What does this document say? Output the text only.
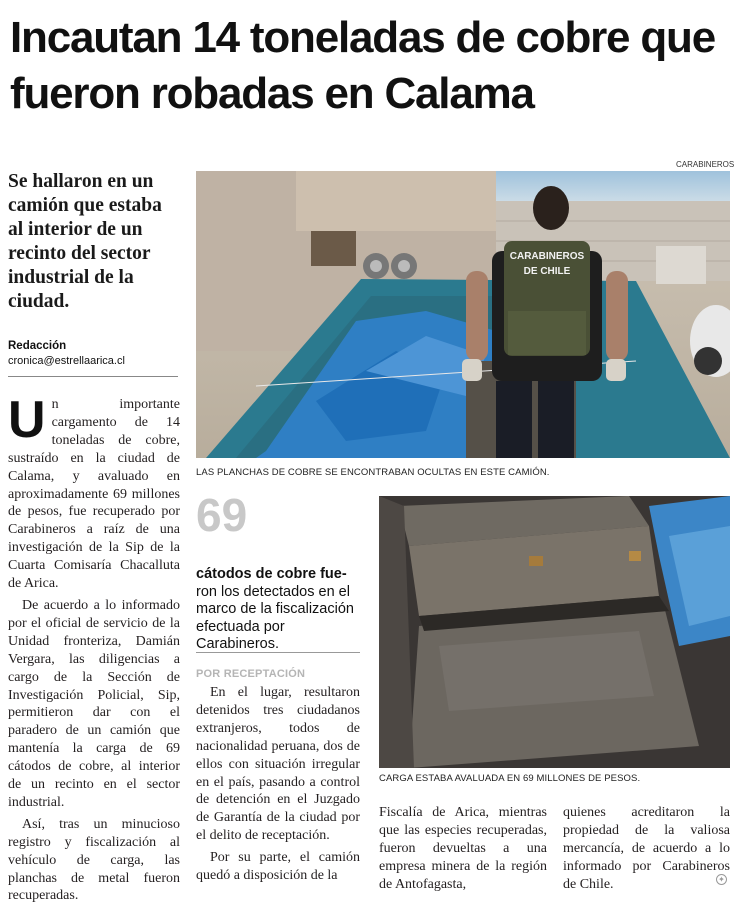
Incautan 14 toneladas de cobre que fueron robadas en Calama

Se hallaron en un camión que estaba al interior de un recinto del sector industrial de la ciudad.

Redacción
cronica@estrellaarica.cl

Un importante cargamento de 14 toneladas de cobre, sustraído en la ciudad de Calama, y avaluado en aproximadamente 69 millones de pesos, fue recuperado por Carabineros a raíz de una investigación de la Sip de la Cuarta Comisaría Chacalluta de Arica.

De acuerdo a lo informado por el oficial de servicio de la Unidad fronteriza, Damián Vergara, las diligencias a cargo de la Sección de Investigación Policial, Sip, permitieron dar con el paradero de un camión que mantenía la carga de 69 cátodos de cobre, al interior de un recinto en el sector industrial.

Así, tras un minucioso registro y fiscalización al vehículo de carga, las planchas de metal fueron recuperadas.

CARABINEROS
CARABINEROS
DE CHILE
LAS PLANCHAS DE COBRE SE ENCONTRABAN OCULTAS EN ESTE CAMIÓN.
69

cátodos de cobre fue-ron los detectados en el marco de la fiscalización efectuada por Carabineros.

POR RECEPTACIÓN

En el lugar, resultaron detenidos tres ciudadanos extranjeros, todos de nacionalidad peruana, dos de ellos con situación irregular en el país, pasando a control de detención en el Juzgado de Garantía de la ciudad por el delito de receptación.

Por su parte, el camión quedó a disposición de la

CARGA ESTABA AVALUADA EN 69 MILLONES DE PESOS.

Fiscalía de Arica, mientras que las especies recuperadas, fueron devueltas a una empresa minera de la región de Antofagasta,

quienes acreditaron la propiedad de la valiosa mercancía, de acuerdo a lo informado por Carabineros de Chile.	✦
